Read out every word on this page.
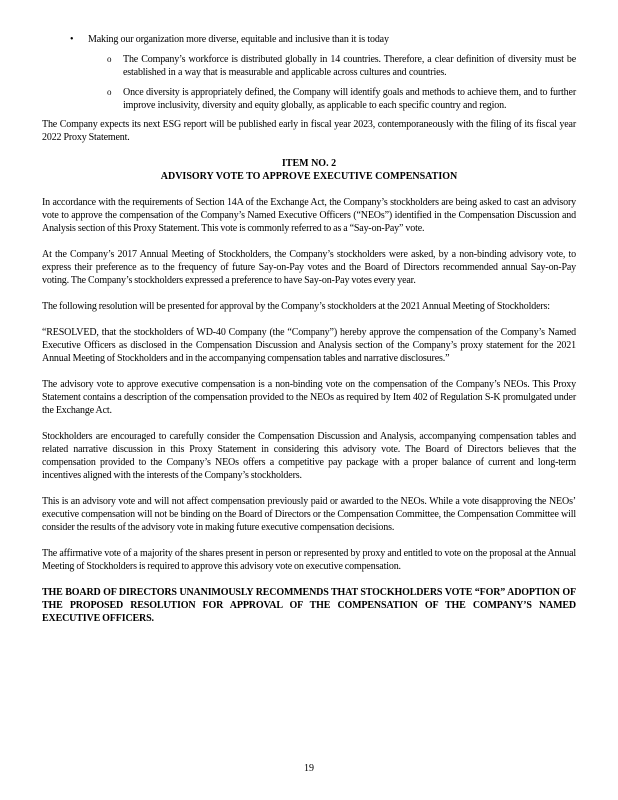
•	Making our organization more diverse, equitable and inclusive than it is today
o	The Company’s workforce is distributed globally in 14 countries. Therefore, a clear definition of diversity must be established in a way that is measurable and applicable across cultures and countries.
o	Once diversity is appropriately defined, the Company will identify goals and methods to achieve them, and to further improve inclusivity, diversity and equity globally, as applicable to each specific country and region.

The Company expects its next ESG report will be published early in fiscal year 2023, contemporaneously with the filing of its fiscal year 2022 Proxy Statement.

ITEM NO. 2
ADVISORY VOTE TO APPROVE EXECUTIVE COMPENSATION

In accordance with the requirements of Section 14A of the Exchange Act, the Company’s stockholders are being asked to cast an advisory vote to approve the compensation of the Company’s Named Executive Officers (“NEOs”) identified in the Compensation Discussion and Analysis section of this Proxy Statement. This vote is commonly referred to as a “Say-on-Pay” vote.

At the Company’s 2017 Annual Meeting of Stockholders, the Company’s stockholders were asked, by a non-binding advisory vote, to express their preference as to the frequency of future Say-on-Pay votes and the Board of Directors recommended annual Say-on-Pay voting. The Company’s stockholders expressed a preference to have Say-on-Pay votes every year.

The following resolution will be presented for approval by the Company’s stockholders at the 2021 Annual Meeting of Stockholders:

“RESOLVED, that the stockholders of WD-40 Company (the “Company”) hereby approve the compensation of the Company’s Named Executive Officers as disclosed in the Compensation Discussion and Analysis section of the Company’s proxy statement for the 2021 Annual Meeting of Stockholders and in the accompanying compensation tables and narrative disclosures.”

The advisory vote to approve executive compensation is a non-binding vote on the compensation of the Company’s NEOs. This Proxy Statement contains a description of the compensation provided to the NEOs as required by Item 402 of Regulation S-K promulgated under the Exchange Act.

Stockholders are encouraged to carefully consider the Compensation Discussion and Analysis, accompanying compensation tables and related narrative discussion in this Proxy Statement in considering this advisory vote. The Board of Directors believes that the compensation provided to the Company’s NEOs offers a competitive pay package with a proper balance of current and long-term incentives aligned with the interests of the Company’s stockholders.

This is an advisory vote and will not affect compensation previously paid or awarded to the NEOs. While a vote disapproving the NEOs’ executive compensation will not be binding on the Board of Directors or the Compensation Committee, the Compensation Committee will consider the results of the advisory vote in making future executive compensation decisions.

The affirmative vote of a majority of the shares present in person or represented by proxy and entitled to vote on the proposal at the Annual Meeting of Stockholders is required to approve this advisory vote on executive compensation.

THE BOARD OF DIRECTORS UNANIMOUSLY RECOMMENDS THAT STOCKHOLDERS VOTE “FOR” ADOPTION OF THE PROPOSED RESOLUTION FOR APPROVAL OF THE COMPENSATION OF THE COMPANY’S NAMED EXECUTIVE OFFICERS.

19
